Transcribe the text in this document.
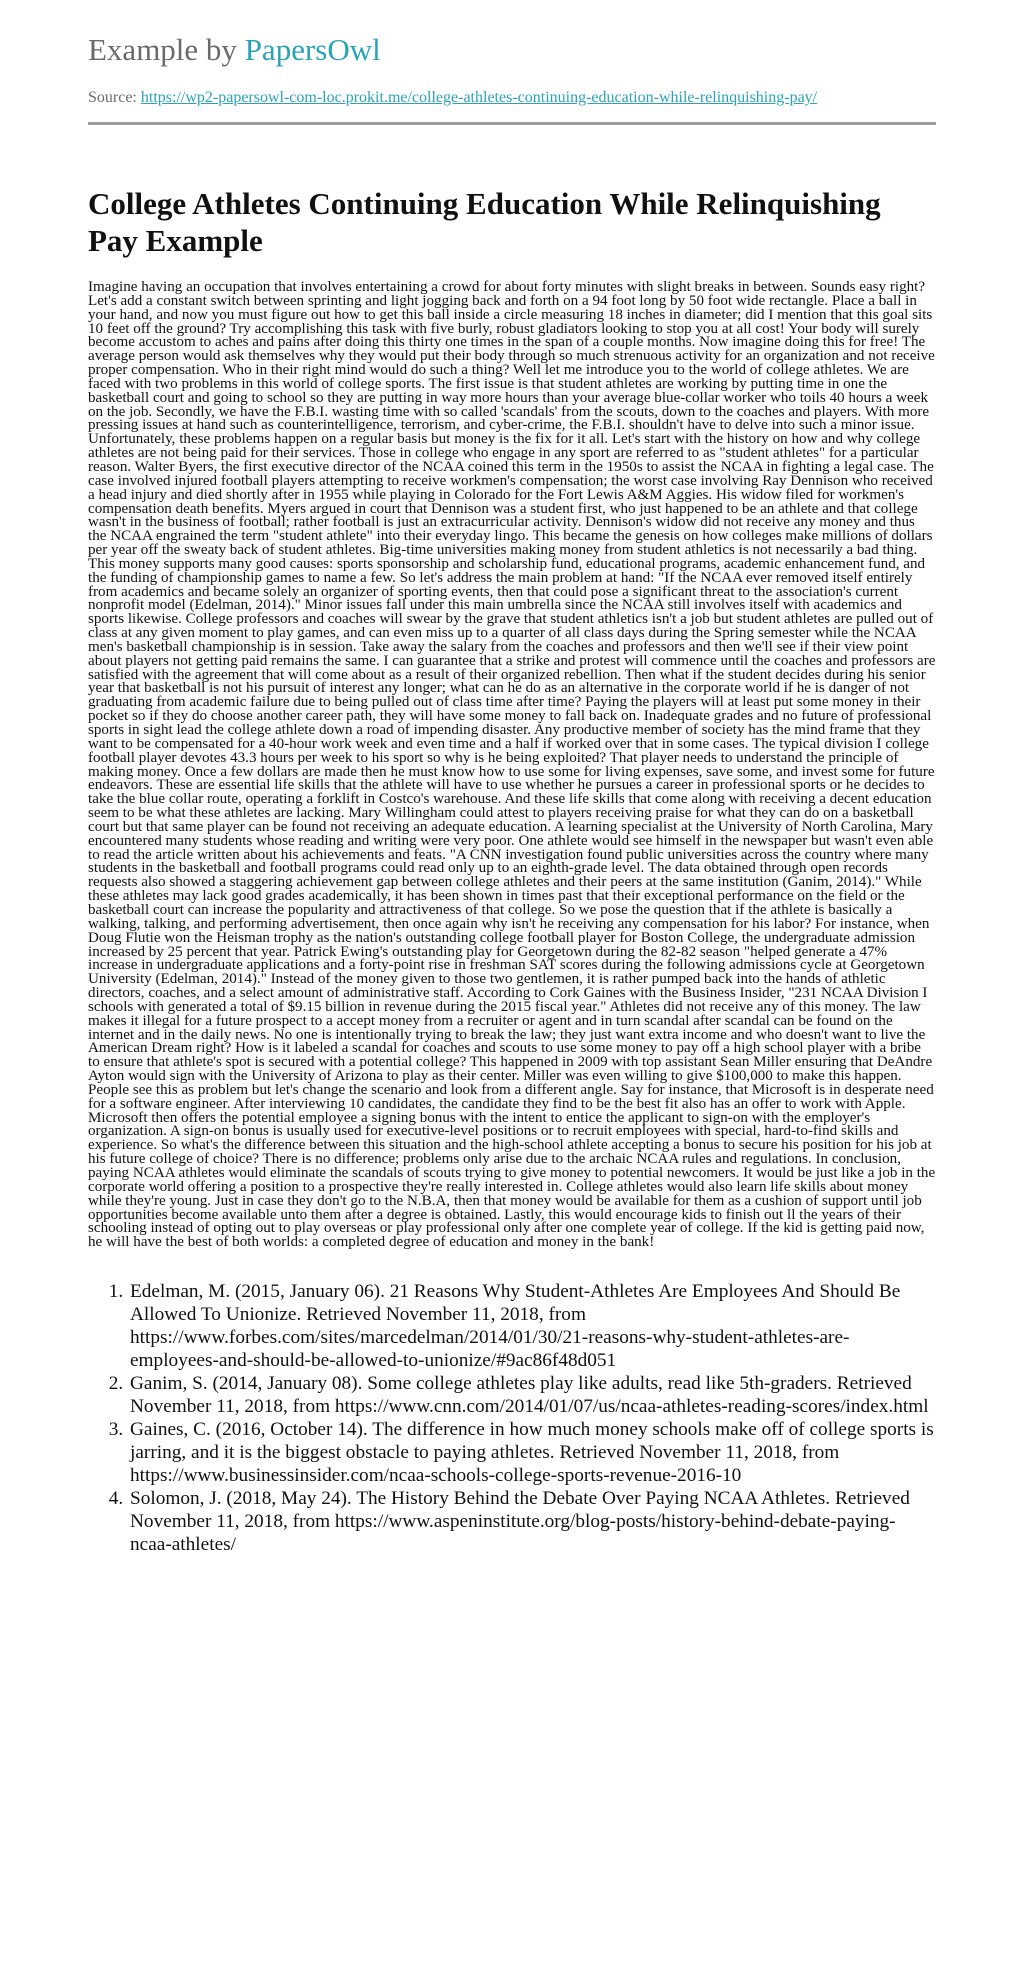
Example by PapersOwl
Source: https://wp2-papersowl-com-loc.prokit.me/college-athletes-continuing-education-while-relinquishing-pay/
College Athletes Continuing Education While Relinquishing Pay Example
Imagine having an occupation that involves entertaining a crowd for about forty minutes with slight breaks in between. Sounds easy right? Let's add a constant switch between sprinting and light jogging back and forth on a 94 foot long by 50 foot wide rectangle. Place a ball in your hand, and now you must figure out how to get this ball inside a circle measuring 18 inches in diameter; did I mention that this goal sits 10 feet off the ground? Try accomplishing this task with five burly, robust gladiators looking to stop you at all cost! Your body will surely become accustom to aches and pains after doing this thirty one times in the span of a couple months. Now imagine doing this for free! The average person would ask themselves why they would put their body through so much strenuous activity for an organization and not receive proper compensation. Who in their right mind would do such a thing? Well let me introduce you to the world of college athletes. We are faced with two problems in this world of college sports. The first issue is that student athletes are working by putting time in one the basketball court and going to school so they are putting in way more hours than your average blue-collar worker who toils 40 hours a week on the job. Secondly, we have the F.B.I. wasting time with so called 'scandals' from the scouts, down to the coaches and players. With more pressing issues at hand such as counterintelligence, terrorism, and cyber-crime, the F.B.I. shouldn't have to delve into such a minor issue. Unfortunately, these problems happen on a regular basis but money is the fix for it all. Let's start with the history on how and why college athletes are not being paid for their services. Those in college who engage in any sport are referred to as "student athletes" for a particular reason. Walter Byers, the first executive director of the NCAA coined this term in the 1950s to assist the NCAA in fighting a legal case. The case involved injured football players attempting to receive workmen's compensation; the worst case involving Ray Dennison who received a head injury and died shortly after in 1955 while playing in Colorado for the Fort Lewis A&M Aggies. His widow filed for workmen's compensation death benefits. Myers argued in court that Dennison was a student first, who just happened to be an athlete and that college wasn't in the business of football; rather football is just an extracurricular activity. Dennison's widow did not receive any money and thus the NCAA engrained the term "student athlete" into their everyday lingo. This became the genesis on how colleges make millions of dollars per year off the sweaty back of student athletes. Big-time universities making money from student athletics is not necessarily a bad thing. This money supports many good causes: sports sponsorship and scholarship fund, educational programs, academic enhancement fund, and the funding of championship games to name a few. So let's address the main problem at hand: "If the NCAA ever removed itself entirely from academics and became solely an organizer of sporting events, then that could pose a significant threat to the association's current nonprofit model (Edelman, 2014)." Minor issues fall under this main umbrella since the NCAA still involves itself with academics and sports likewise. College professors and coaches will swear by the grave that student athletics isn't a job but student athletes are pulled out of class at any given moment to play games, and can even miss up to a quarter of all class days during the Spring semester while the NCAA men's basketball championship is in session. Take away the salary from the coaches and professors and then we'll see if their view point about players not getting paid remains the same. I can guarantee that a strike and protest will commence until the coaches and professors are satisfied with the agreement that will come about as a result of their organized rebellion. Then what if the student decides during his senior year that basketball is not his pursuit of interest any longer; what can he do as an alternative in the corporate world if he is danger of not graduating from academic failure due to being pulled out of class time after time? Paying the players will at least put some money in their pocket so if they do choose another career path, they will have some money to fall back on. Inadequate grades and no future of professional sports in sight lead the college athlete down a road of impending disaster. Any productive member of society has the mind frame that they want to be compensated for a 40-hour work week and even time and a half if worked over that in some cases. The typical division I college football player devotes 43.3 hours per week to his sport so why is he being exploited? That player needs to understand the principle of making money. Once a few dollars are made then he must know how to use some for living expenses, save some, and invest some for future endeavors. These are essential life skills that the athlete will have to use whether he pursues a career in professional sports or he decides to take the blue collar route, operating a forklift in Costco's warehouse. And these life skills that come along with receiving a decent education seem to be what these athletes are lacking. Mary Willingham could attest to players receiving praise for what they can do on a basketball court but that same player can be found not receiving an adequate education. A learning specialist at the University of North Carolina, Mary encountered many students whose reading and writing were very poor. One athlete would see himself in the newspaper but wasn't even able to read the article written about his achievements and feats. "A CNN investigation found public universities across the country where many students in the basketball and football programs could read only up to an eighth-grade level. The data obtained through open records requests also showed a staggering achievement gap between college athletes and their peers at the same institution (Ganim, 2014)." While these athletes may lack good grades academically, it has been shown in times past that their exceptional performance on the field or the basketball court can increase the popularity and attractiveness of that college. So we pose the question that if the athlete is basically a walking, talking, and performing advertisement, then once again why isn't he receiving any compensation for his labor? For instance, when Doug Flutie won the Heisman trophy as the nation's outstanding college football player for Boston College, the undergraduate admission increased by 25 percent that year. Patrick Ewing's outstanding play for Georgetown during the 82-82 season "helped generate a 47% increase in undergraduate applications and a forty-point rise in freshman SAT scores during the following admissions cycle at Georgetown University (Edelman, 2014)." Instead of the money given to those two gentlemen, it is rather pumped back into the hands of athletic directors, coaches, and a select amount of administrative staff. According to Cork Gaines with the Business Insider, "231 NCAA Division I schools with generated a total of $9.15 billion in revenue during the 2015 fiscal year." Athletes did not receive any of this money. The law makes it illegal for a future prospect to a accept money from a recruiter or agent and in turn scandal after scandal can be found on the internet and in the daily news. No one is intentionally trying to break the law; they just want extra income and who doesn't want to live the American Dream right? How is it labeled a scandal for coaches and scouts to use some money to pay off a high school player with a bribe to ensure that athlete's spot is secured with a potential college? This happened in 2009 with top assistant Sean Miller ensuring that DeAndre Ayton would sign with the University of Arizona to play as their center. Miller was even willing to give $100,000 to make this happen. People see this as problem but let's change the scenario and look from a different angle. Say for instance, that Microsoft is in desperate need for a software engineer. After interviewing 10 candidates, the candidate they find to be the best fit also has an offer to work with Apple. Microsoft then offers the potential employee a signing bonus with the intent to entice the applicant to sign-on with the employer's organization. A sign-on bonus is usually used for executive-level positions or to recruit employees with special, hard-to-find skills and experience. So what's the difference between this situation and the high-school athlete accepting a bonus to secure his position for his job at his future college of choice? There is no difference; problems only arise due to the archaic NCAA rules and regulations. In conclusion, paying NCAA athletes would eliminate the scandals of scouts trying to give money to potential newcomers. It would be just like a job in the corporate world offering a position to a prospective they're really interested in. College athletes would also learn life skills about money while they're young. Just in case they don't go to the N.B.A, then that money would be available for them as a cushion of support until job opportunities become available unto them after a degree is obtained. Lastly, this would encourage kids to finish out ll the years of their schooling instead of opting out to play overseas or play professional only after one complete year of college. If the kid is getting paid now, he will have the best of both worlds: a completed degree of education and money in the bank!
1. Edelman, M. (2015, January 06). 21 Reasons Why Student-Athletes Are Employees And Should Be Allowed To Unionize. Retrieved November 11, 2018, from https://www.forbes.com/sites/marcedelman/2014/01/30/21-reasons-why-student-athletes-are-employees-and-should-be-allowed-to-unionize/#9ac86f48d051
2. Ganim, S. (2014, January 08). Some college athletes play like adults, read like 5th-graders. Retrieved November 11, 2018, from https://www.cnn.com/2014/01/07/us/ncaa-athletes-reading-scores/index.html
3. Gaines, C. (2016, October 14). The difference in how much money schools make off of college sports is jarring, and it is the biggest obstacle to paying athletes. Retrieved November 11, 2018, from https://www.businessinsider.com/ncaa-schools-college-sports-revenue-2016-10
4. Solomon, J. (2018, May 24). The History Behind the Debate Over Paying NCAA Athletes. Retrieved November 11, 2018, from https://www.aspeninstitute.org/blog-posts/history-behind-debate-paying-ncaa-athletes/
